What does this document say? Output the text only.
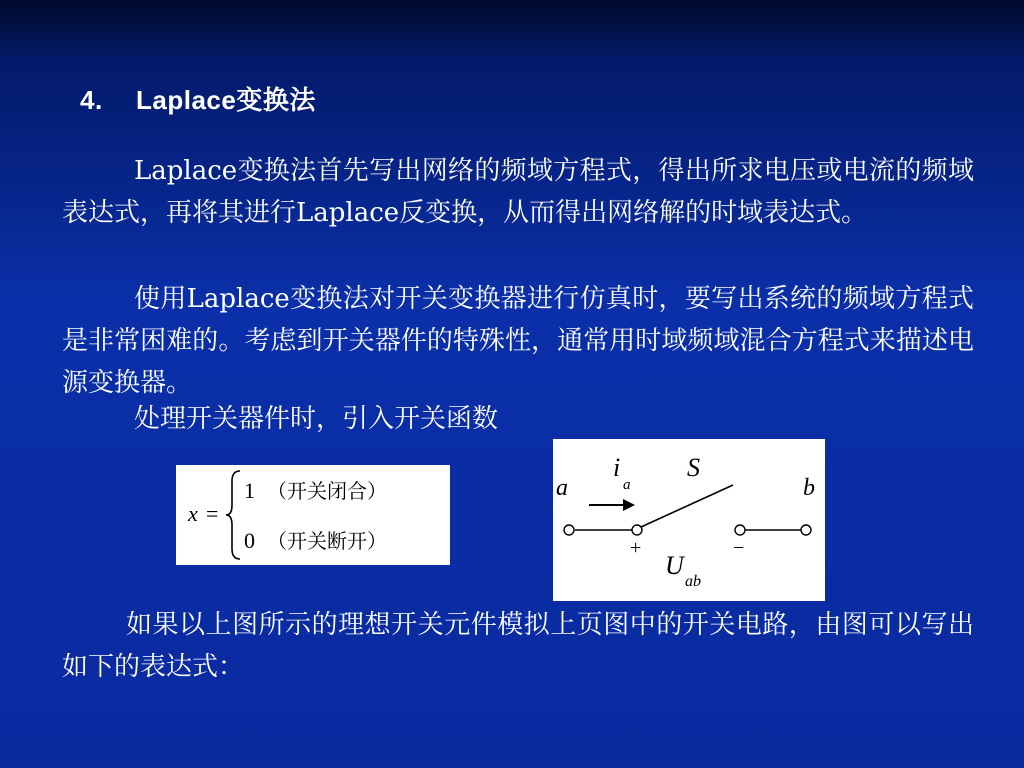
4. Laplace变换法
Laplace变换法首先写出网络的频域方程式，得出所求电压或电流的频域表达式，再将其进行Laplace反变换，从而得出网络解的时域表达式。
使用Laplace变换法对开关变换器进行仿真时，要写出系统的频域方程式是非常困难的。考虑到开关器件的特殊性，通常用时域频域混合方程式来描述电源变换器。
处理开关器件时，引入开关函数
x =
1 （开关闭合）
0 （开关断开）
a	b
i
a
S
+	−
U
ab
如果以上图所示的理想开关元件模拟上页图中的开关电路，由图可以写出如下的表达式：
